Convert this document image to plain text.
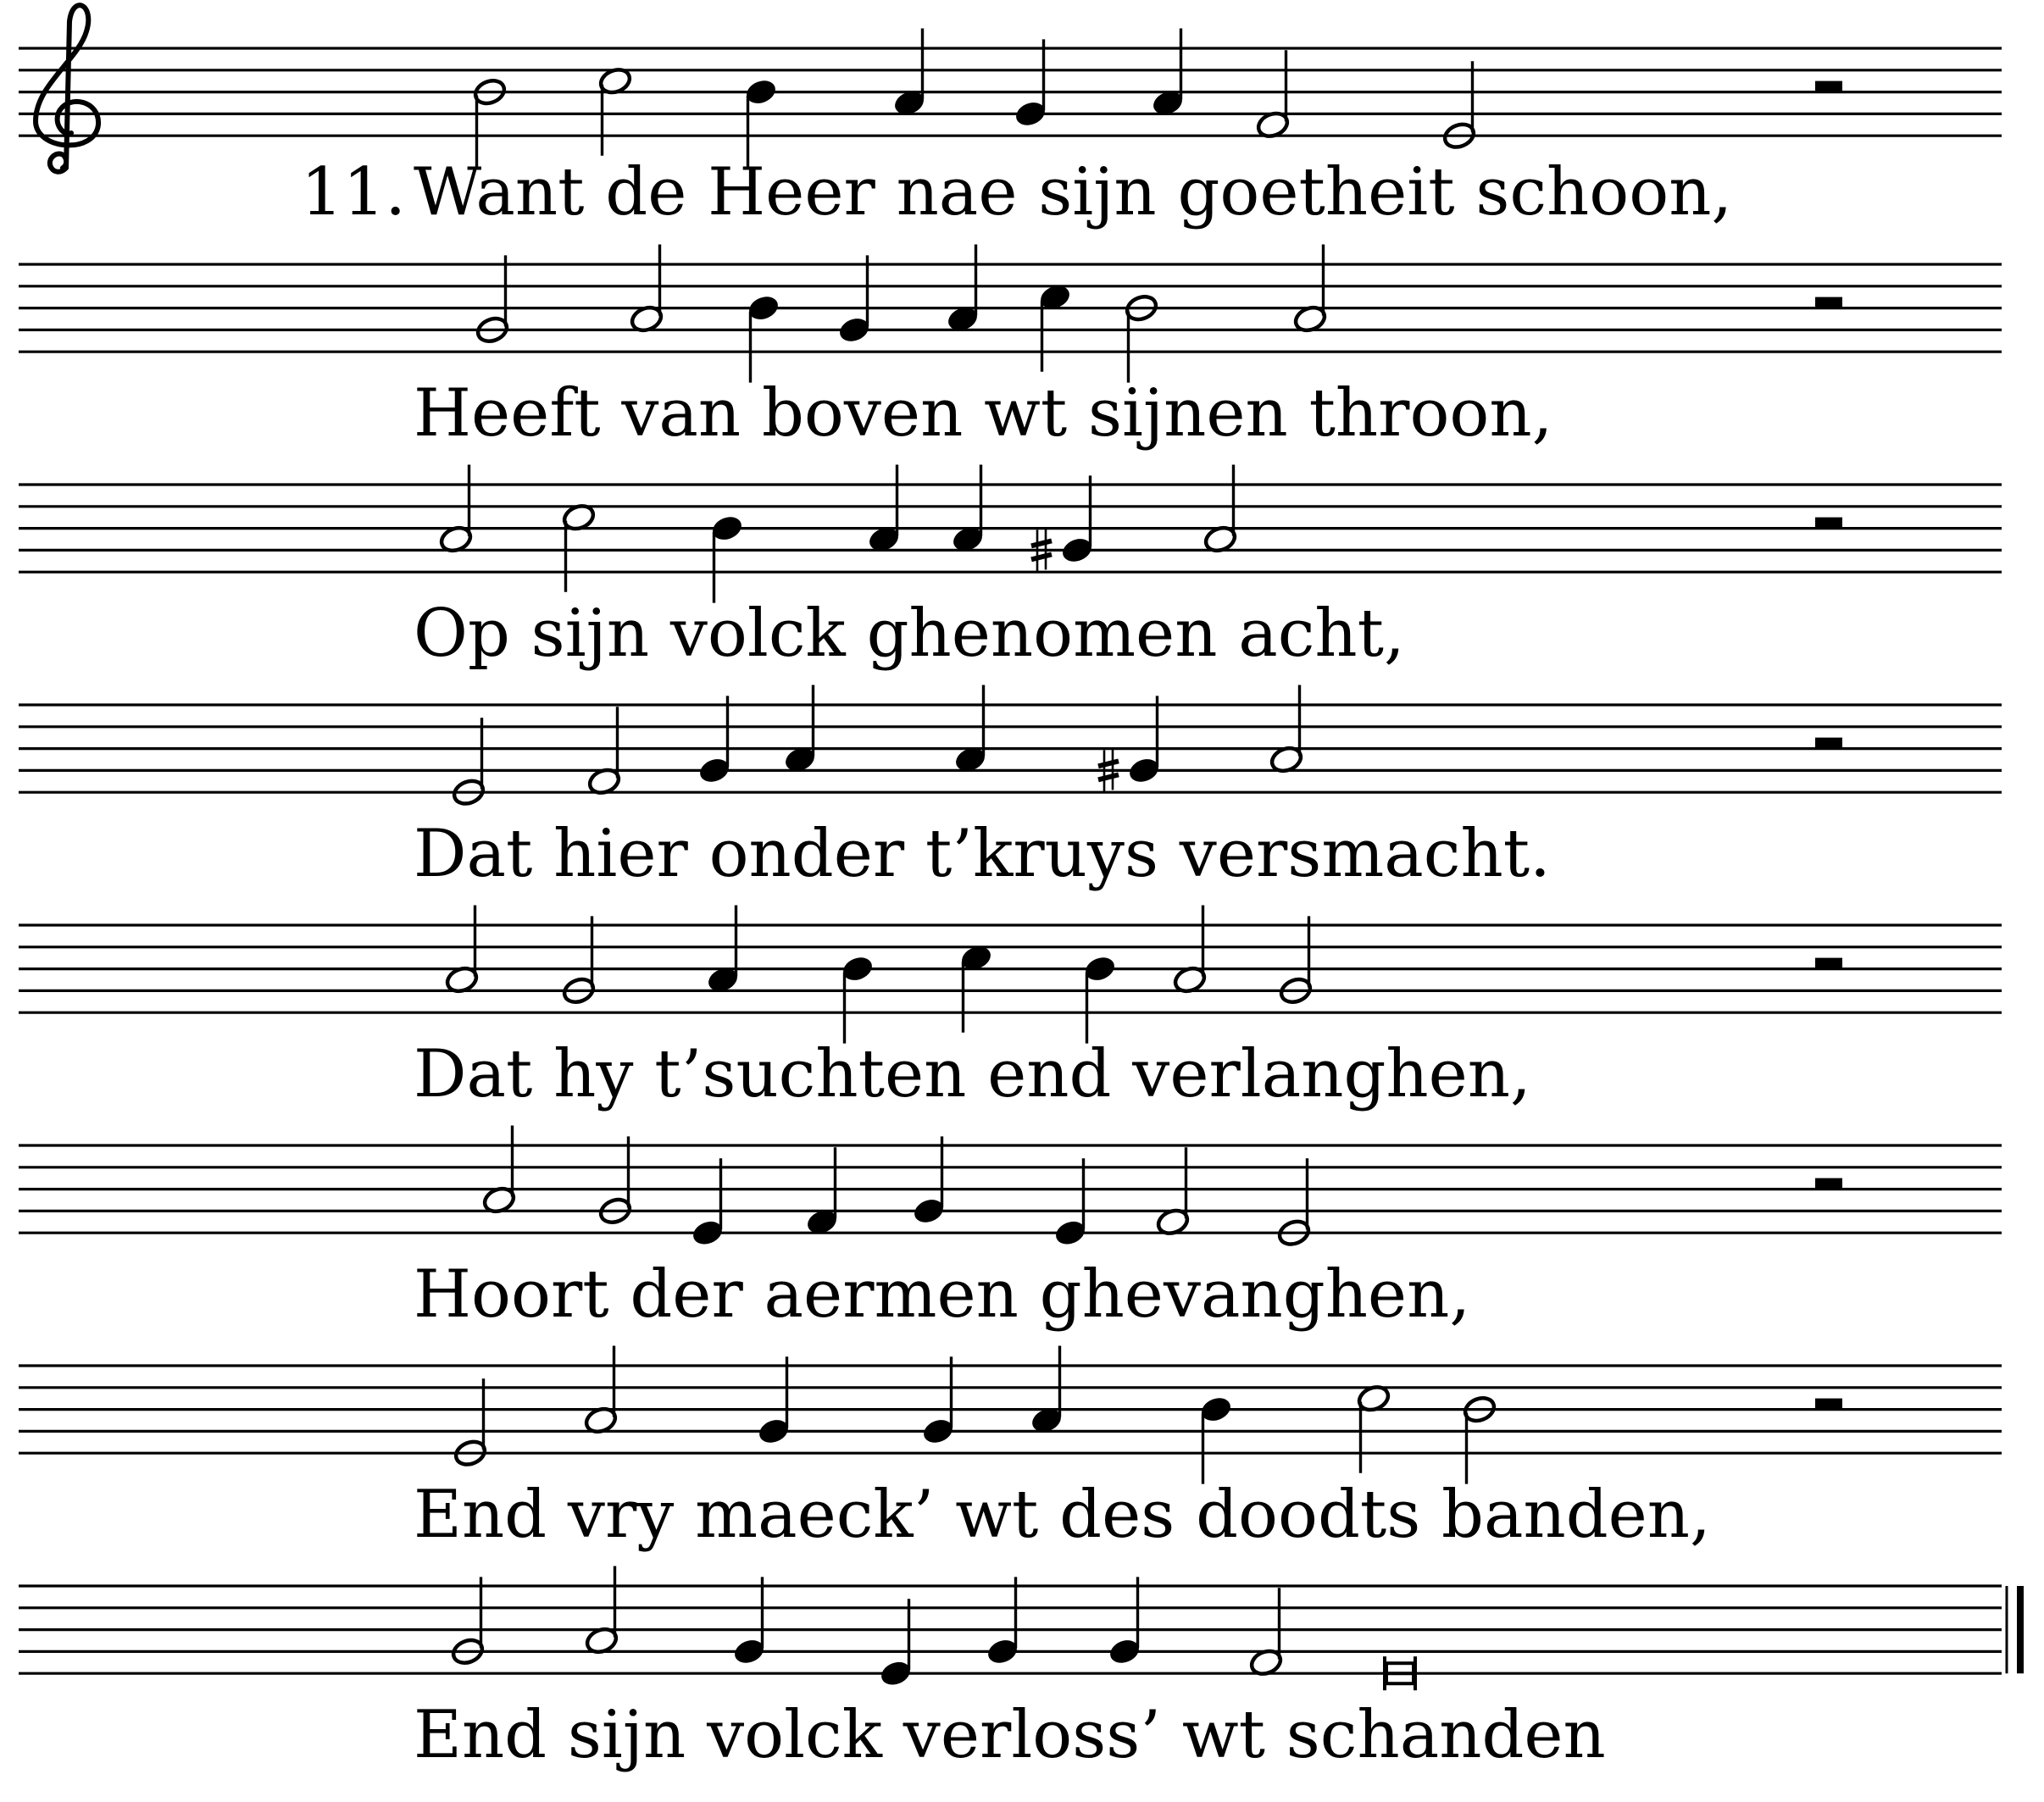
11. Want de Heer nae sijn goetheit schoon,
Heeft van boven wt sijnen throon,
Op sijn volck ghenomen acht,
Dat hier onder t’kruys versmacht.
Dat hy t’suchten end verlanghen,
Hoort der aermen ghevanghen,
End vry maeck’ wt des doodts banden,
End sijn volck verloss’ wt schanden
